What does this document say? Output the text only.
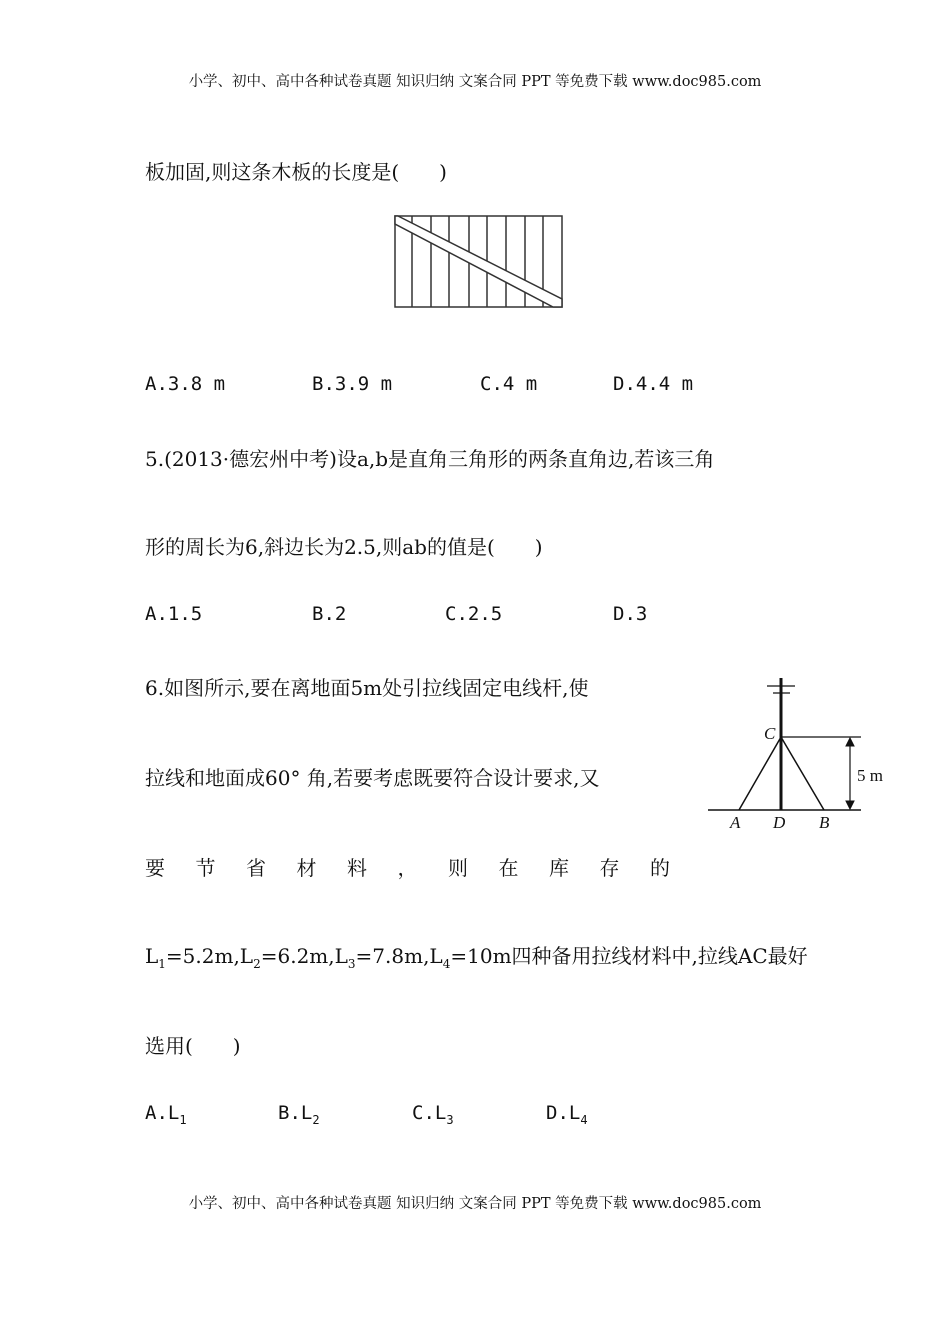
小学、初中、高中各种试卷真题 知识归纳 文案合同 PPT 等免费下载 www.doc985.com
板加固,则这条木板的长度是(　　)
C
A D B
5 m
A.3.8 m	B.3.9 m	C.4 m	D.4.4 m
5.(2013·德宏州中考)设a,b是直角三角形的两条直角边,若该三角
形的周长为6,斜边长为2.5,则ab的值是(　　)
A.1.5	B.2	C.2.5	D.3
6.如图所示,要在离地面5m处引拉线固定电线杆,使
拉线和地面成60° 角,若要考虑既要符合设计要求,又
要 节 省 材 料 ， 则 在 库 存 的
$L_1=5.2m,L_2=6.2m,L_3=7.8m,L_4=10m$四种备用拉线材料中,拉线AC最好
选用(　　)
$A.L_1$	$B.L_2$	$C.L_3$	$D.L_4$
小学、初中、高中各种试卷真题 知识归纳 文案合同 PPT 等免费下载 www.doc985.com
